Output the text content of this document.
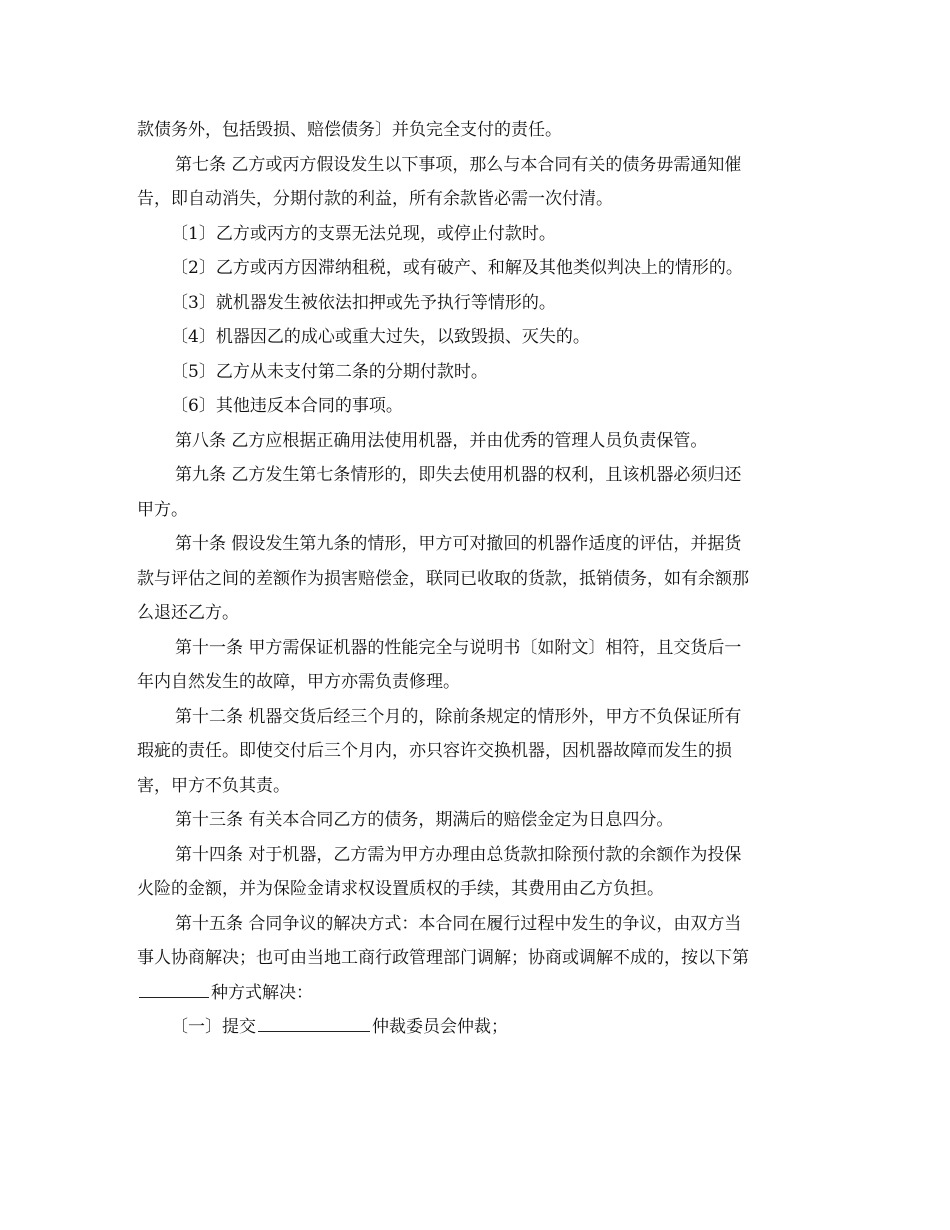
款债务外，包括毁损、赔偿债务〕并负完全支付的责任。
第七条 乙方或丙方假设发生以下事项，那么与本合同有关的债务毋需通知催
告，即自动消失，分期付款的利益，所有余款皆必需一次付清。
〔1〕乙方或丙方的支票无法兑现，或停止付款时。
〔2〕乙方或丙方因滞纳租税，或有破产、和解及其他类似判决上的情形的。
〔3〕就机器发生被依法扣押或先予执行等情形的。
〔4〕机器因乙的成心或重大过失，以致毁损、灭失的。
〔5〕乙方从未支付第二条的分期付款时。
〔6〕其他违反本合同的事项。
第八条 乙方应根据正确用法使用机器，并由优秀的管理人员负责保管。
第九条 乙方发生第七条情形的，即失去使用机器的权利，且该机器必须归还
甲方。
第十条 假设发生第九条的情形，甲方可对撤回的机器作适度的评估，并据货
款与评估之间的差额作为损害赔偿金，联同已收取的货款，抵销债务，如有余额那
么退还乙方。
第十一条 甲方需保证机器的性能完全与说明书〔如附文〕相符，且交货后一
年内自然发生的故障，甲方亦需负责修理。
第十二条 机器交货后经三个月的，除前条规定的情形外，甲方不负保证所有
瑕疵的责任。即使交付后三个月内，亦只容许交换机器，因机器故障而发生的损
害，甲方不负其责。
第十三条 有关本合同乙方的债务，期满后的赔偿金定为日息四分。
第十四条 对于机器，乙方需为甲方办理由总货款扣除预付款的余额作为投保
火险的金额，并为保险金请求权设置质权的手续，其费用由乙方负担。
第十五条 合同争议的解决方式：本合同在履行过程中发生的争议，由双方当
事人协商解决；也可由当地工商行政管理部门调解；协商或调解不成的，按以下第
种方式解决：
〔一〕提交	仲裁委员会仲裁；
